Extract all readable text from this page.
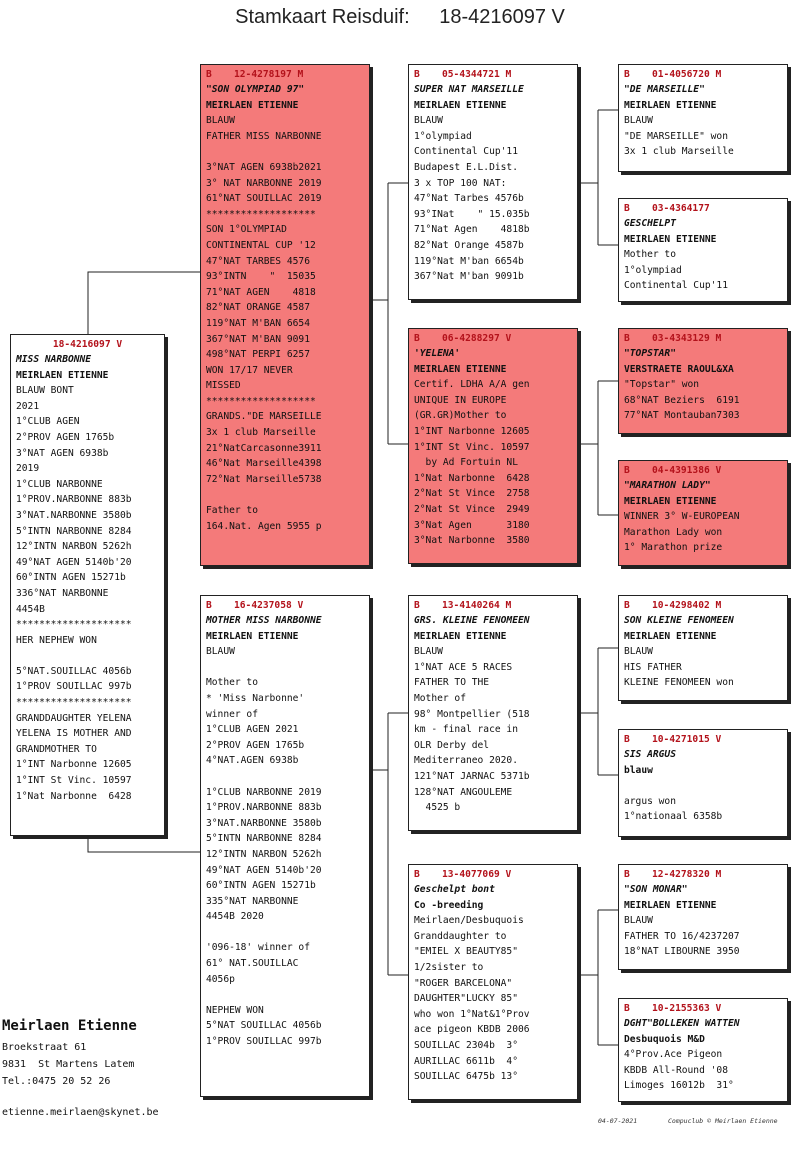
Stamkaart Reisduif: 18-4216097 V
18-4216097 V
MISS NARBONNE
MEIRLAEN ETIENNE
BLAUW BONT
2021
1°CLUB AGEN
2°PROV AGEN 1765b
3°NAT AGEN 6938b
2019
1°CLUB NARBONNE
1°PROV.NARBONNE 883b
3°NAT.NARBONNE 3580b
5°INTN NARBONNE 8284
12°INTN NARBON 5262h
49°NAT AGEN 5140b'20
60°INTN AGEN 15271b
336°NAT NARBONNE
4454B
********************
HER NEPHEW WON

5°NAT.SOUILLAC 4056b
1°PROV SOUILLAC 997b
********************
GRANDDAUGHTER YELENA
YELENA IS MOTHER AND
GRANDMOTHER TO
1°INT Narbonne 12605
1°INT St Vinc. 10597
1°Nat Narbonne  6428
B 12-4278197 M
"SON OLYMPIAD 97"
MEIRLAEN ETIENNE
BLAUW
FATHER MISS NARBONNE

3°NAT AGEN 6938b2021
3° NAT NARBONNE 2019
61°NAT SOUILLAC 2019
*******************
SON 1°OLYMPIAD
CONTINENTAL CUP '12
47°NAT TARBES 4576
93°INTN    "  15035
71°NAT AGEN    4818
82°NAT ORANGE 4587
119°NAT M'BAN 6654
367°NAT M'BAN 9091
498°NAT PERPI 6257
WON 17/17 NEVER
MISSED
*******************
GRANDS."DE MARSEILLE
3x 1 club Marseille
21°NatCarcasonne3911
46°Nat Marseille4398
72°Nat Marseille5738

Father to
164.Nat. Agen 5955 p
B 16-4237058 V
MOTHER MISS NARBONNE
MEIRLAEN ETIENNE
BLAUW

Mother to
* 'Miss Narbonne'
winner of
1°CLUB AGEN 2021
2°PROV AGEN 1765b
4°NAT.AGEN 6938b

1°CLUB NARBONNE 2019
1°PROV.NARBONNE 883b
3°NAT.NARBONNE 3580b
5°INTN NARBONNE 8284
12°INTN NARBON 5262h
49°NAT AGEN 5140b'20
60°INTN AGEN 15271b
335°NAT NARBONNE
4454B 2020

'096-18' winner of
61° NAT.SOUILLAC
4056p

NEPHEW WON
5°NAT SOUILLAC 4056b
1°PROV SOUILLAC 997b
B 05-4344721 M
SUPER NAT MARSEILLE
MEIRLAEN ETIENNE
BLAUW
1°olympiad
Continental Cup'11
Budapest E.L.Dist.
3 x TOP 100 NAT:
47°Nat Tarbes 4576b
93°INat    " 15.035b
71°Nat Agen    4818b
82°Nat Orange 4587b
119°Nat M'ban 6654b
367°Nat M'ban 9091b
B 06-4288297 V
'YELENA'
MEIRLAEN ETIENNE
Certif. LDHA A/A gen
UNIQUE IN EUROPE
(GR.GR)Mother to
1°INT Narbonne 12605
1°INT St Vinc. 10597
by Ad Fortuin NL
1°Nat Narbonne  6428
2°Nat St Vince  2758
2°Nat St Vince  2949
3°Nat Agen      3180
3°Nat Narbonne  3580
B 13-4140264 M
GRS. KLEINE FENOMEEN
MEIRLAEN ETIENNE
BLAUW
1°NAT ACE 5 RACES
FATHER TO THE
Mother of
98° Montpellier (518
km - final race in
OLR Derby del
Mediterraneo 2020.
121°NAT JARNAC 5371b
128°NAT ANGOULEME
4525 b
B 13-4077069 V
Geschelpt bont
Co -breeding
Meirlaen/Desbuquois
Granddaughter to
"EMIEL X BEAUTY85"
1/2sister to
"ROGER BARCELONA"
DAUGHTER"LUCKY 85"
who won 1°Nat&1°Prov
ace pigeon KBDB 2006
SOUILLAC 2304b  3°
AURILLAC 6611b  4°
SOUILLAC 6475b 13°
B 01-4056720 M
"DE MARSEILLE"
MEIRLAEN ETIENNE
BLAUW
"DE MARSEILLE" won
3x 1 club Marseille
B 03-4364177
GESCHELPT
MEIRLAEN ETIENNE
Mother to
1°olympiad
Continental Cup'11
B 03-4343129 M
"TOPSTAR"
VERSTRAETE RAOUL&XA
"Topstar" won
68°NAT Beziers  6191
77°NAT Montauban7303
B 04-4391386 V
"MARATHON LADY"
MEIRLAEN ETIENNE
WINNER 3° W-EUROPEAN
Marathon Lady won
1° Marathon prize
B 10-4298402 M
SON KLEINE FENOMEEN
MEIRLAEN ETIENNE
BLAUW
HIS FATHER
KLEINE FENOMEEN won
B 10-4271015 V
SIS ARGUS
blauw

argus won
1°nationaal 6358b
B 12-4278320 M
"SON MONAR"
MEIRLAEN ETIENNE
BLAUW
FATHER TO 16/4237207
18°NAT LIBOURNE 3950
B 10-2155363 V
DGHT"BOLLEKEN WATTEN
Desbuquois M&D
4°Prov.Ace Pigeon
KBDB All-Round '08
Limoges 16012b  31°
Meirlaen Etienne
Broekstraat 61
9831  St Martens Latem
Tel.:0475 20 52 26
etienne.meirlaen@skynet.be
04-07-2021	Compuclub © Meirlaen Etienne
